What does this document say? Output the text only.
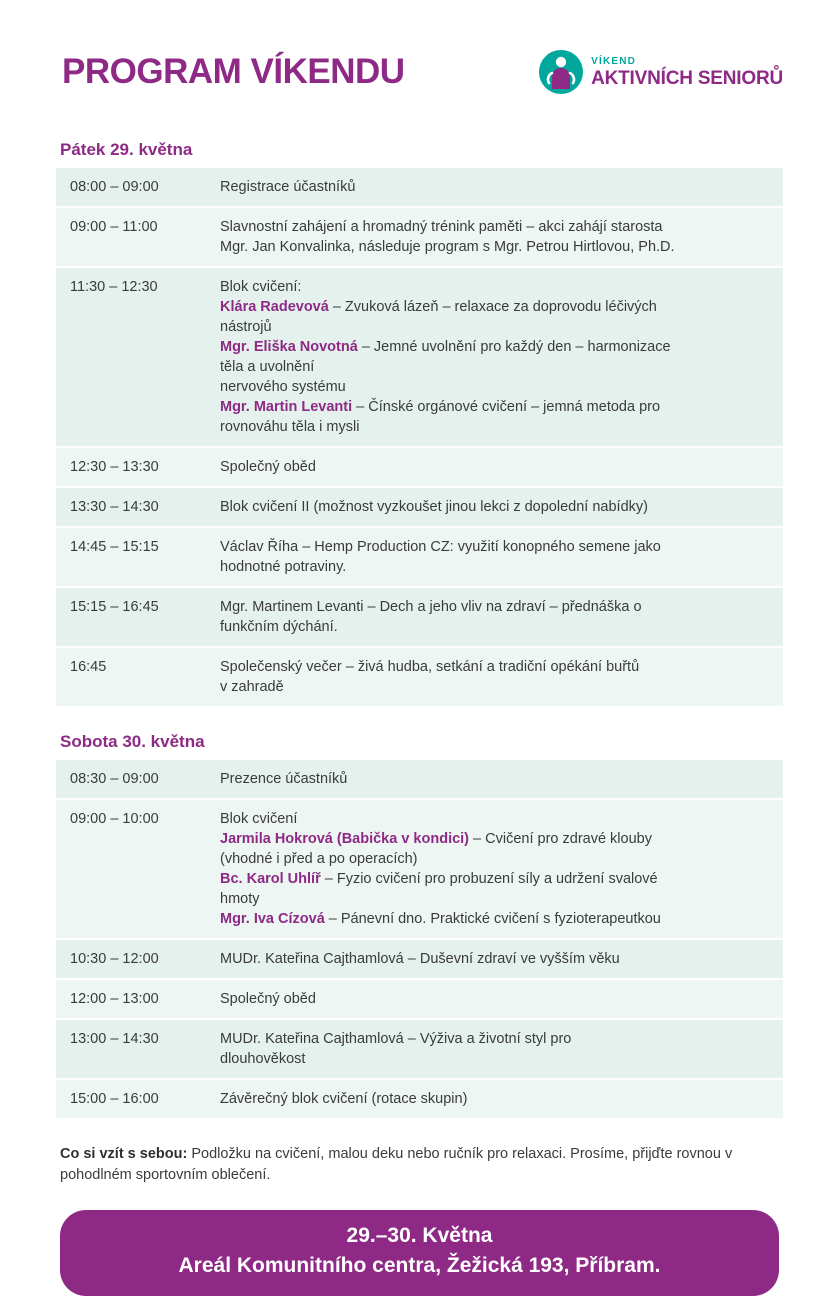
PROGRAM VÍKENDU	VÍKEND
AKTIVNÍCH SENIORŮ
Pátek 29. května
08:00 – 09:00	Registrace účastníků

09:00 – 11:00	Slavnostní zahájení a hromadný trénink paměti – akci zahájí starosta
Mgr. Jan Konvalinka, následuje program s Mgr. Petrou Hirtlovou, Ph.D.

11:30 – 12:30	Blok cvičení:
Klára Radevová – Zvuková lázeň – relaxace za doprovodu léčivých
nástrojů
Mgr. Eliška Novotná – Jemné uvolnění pro každý den – harmonizace
těla a uvolnění
nervového systému
Mgr. Martin Levanti – Čínské orgánové cvičení – jemná metoda pro
rovnováhu těla i mysli

12:30 – 13:30	Společný oběd

13:30 – 14:30	Blok cvičení II (možnost vyzkoušet jinou lekci z dopolední nabídky)

14:45 – 15:15	Václav Říha – Hemp Production CZ: využití konopného semene jako
hodnotné potraviny.

15:15 – 16:45	Mgr. Martinem Levanti – Dech a jeho vliv na zdraví – přednáška o
funkčním dýchání.

16:45	Společenský večer – živá hudba, setkání a tradiční opékání buřtů
v zahradě
Sobota 30. května
08:30 – 09:00	Prezence účastníků

09:00 – 10:00	Blok cvičení
Jarmila Hokrová (Babička v kondici) – Cvičení pro zdravé klouby
(vhodné i před a po operacích)
Bc. Karol Uhlíř – Fyzio cvičení pro probuzení síly a udržení svalové
hmoty
Mgr. Iva Cízová – Pánevní dno. Praktické cvičení s fyzioterapeutkou

10:30 – 12:00	MUDr. Kateřina Cajthamlová – Duševní zdraví ve vyšším věku

12:00 – 13:00	Společný oběd

13:00 – 14:30	MUDr. Kateřina Cajthamlová – Výživa a životní styl pro
dlouhověkost

15:00 – 16:00	Závěrečný blok cvičení (rotace skupin)

Co si vzít s sebou: Podložku na cvičení, malou deku nebo ručník pro relaxaci. Prosíme, přijďte rovnou v pohodlném sportovním oblečení.

29.–30. Května
Areál Komunitního centra, Žežická 193, Příbram.
